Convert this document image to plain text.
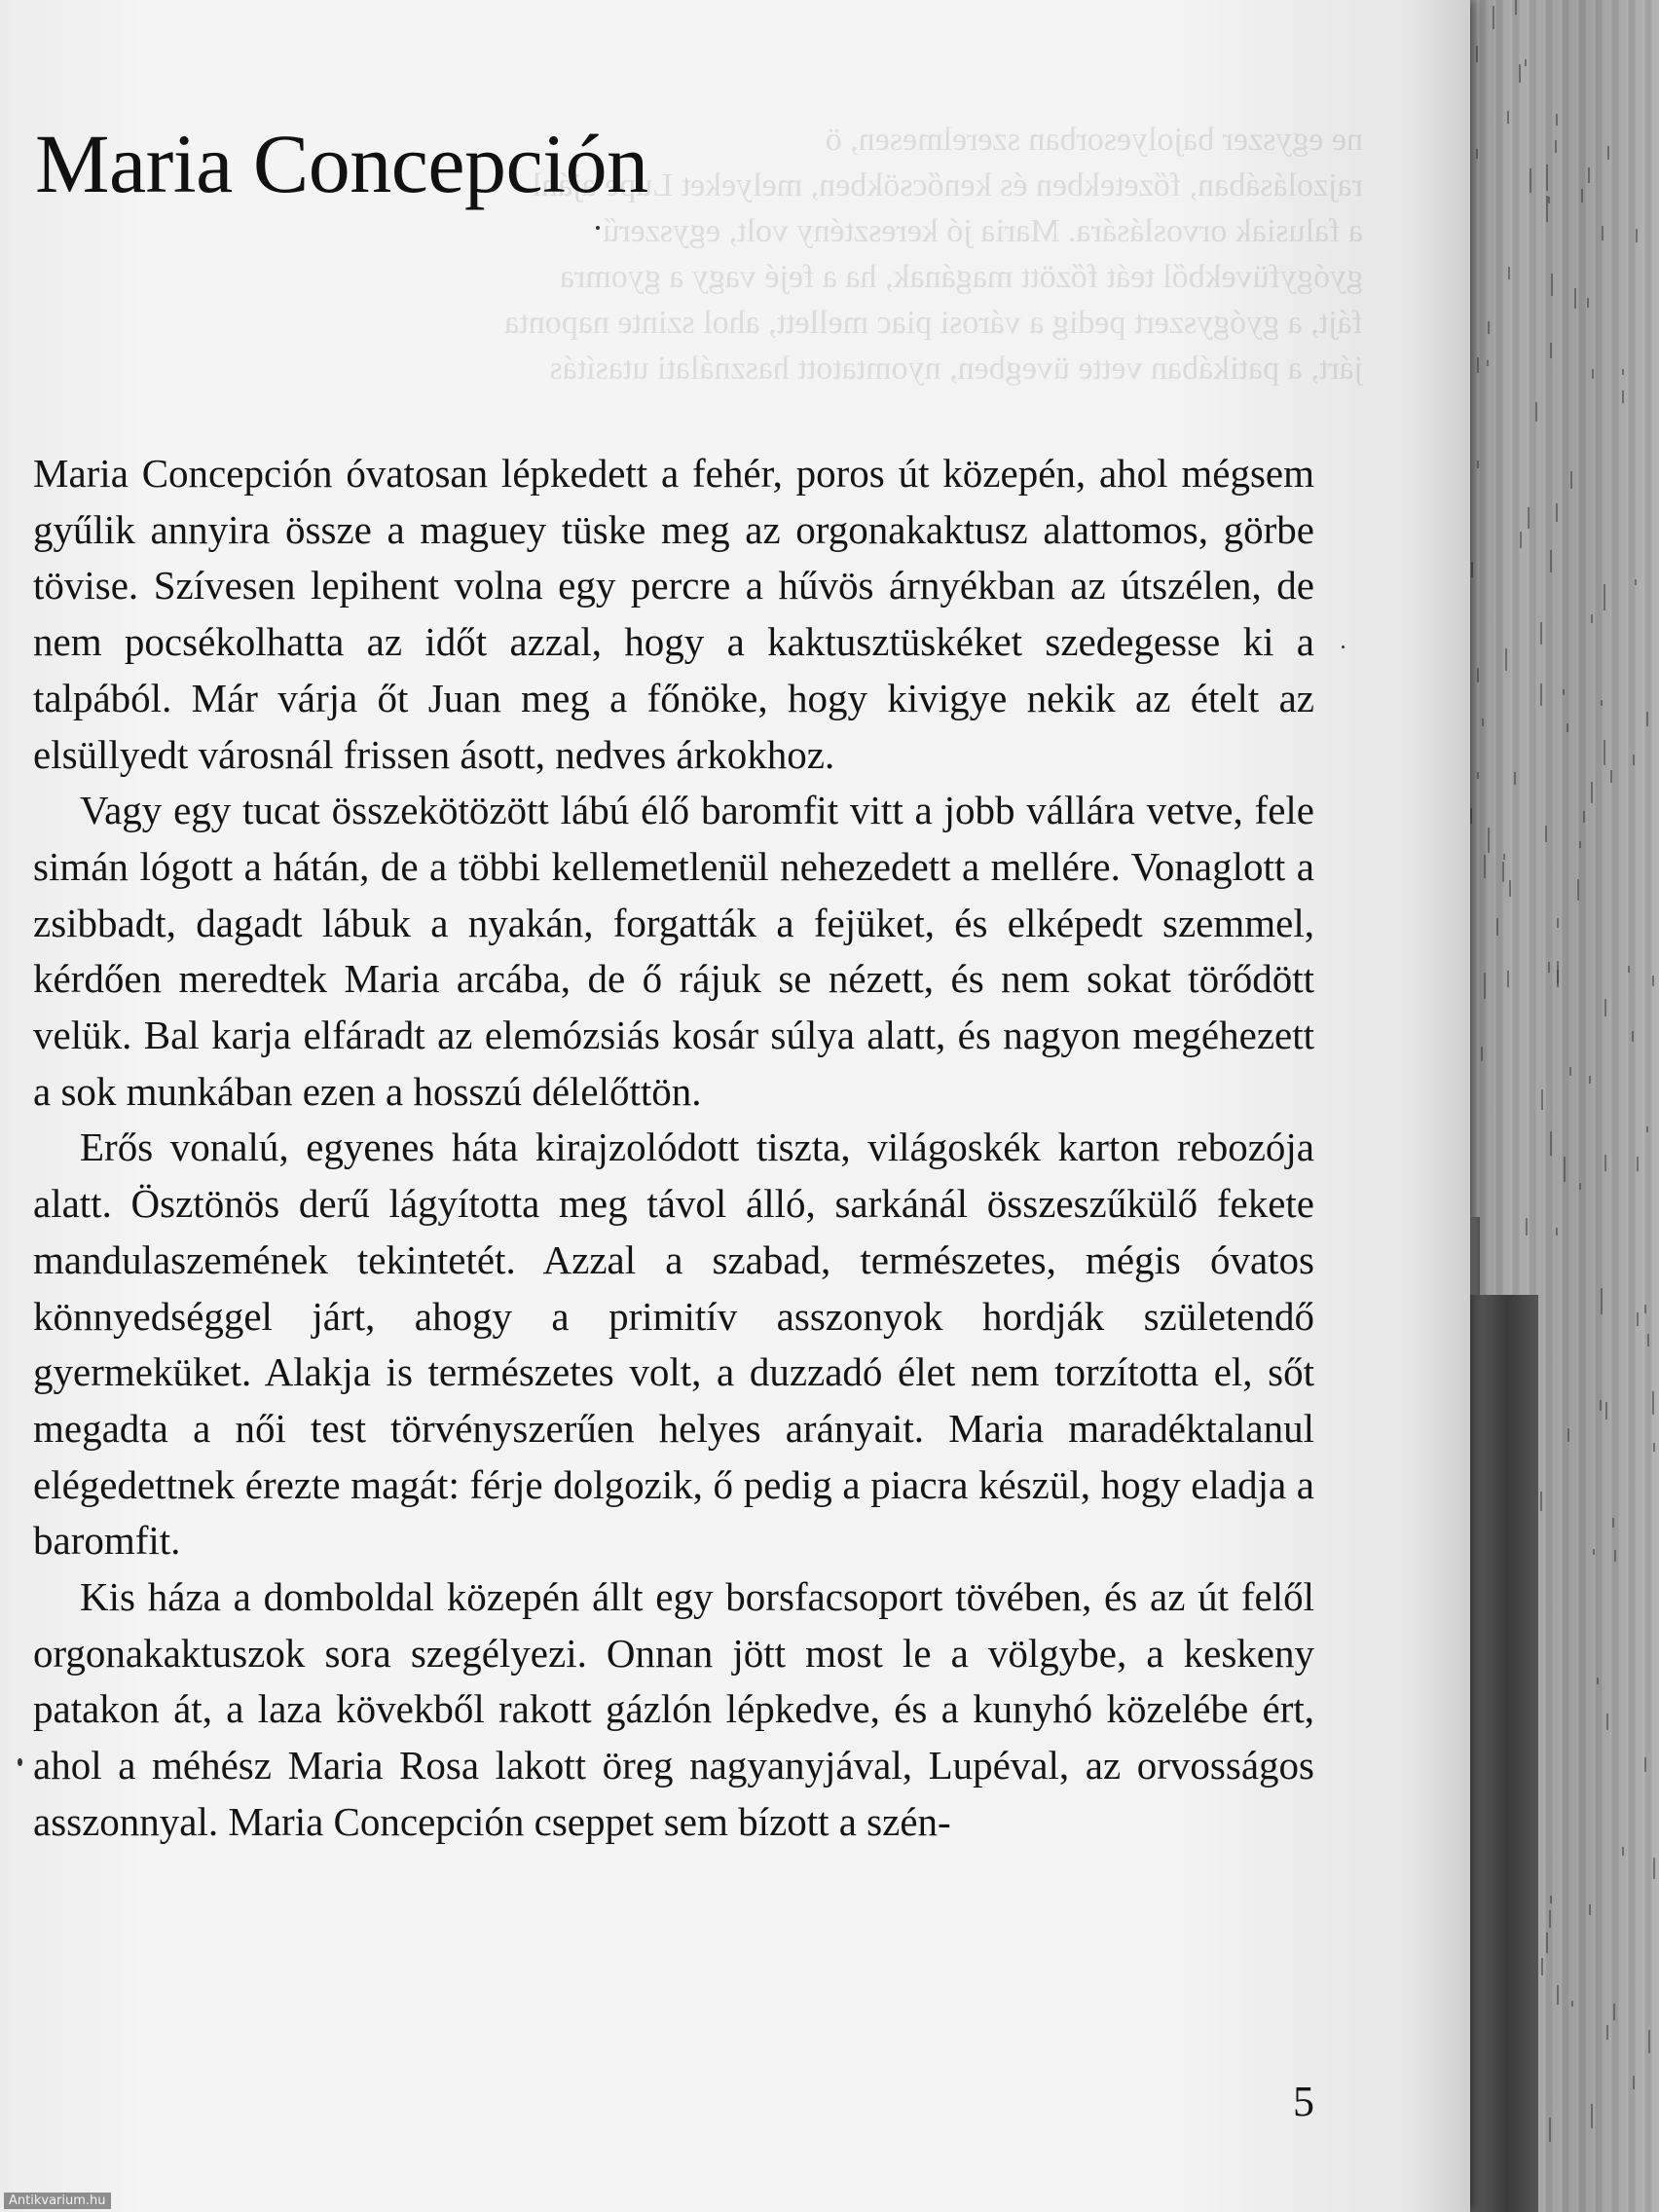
ne egyszer bajolyesorban szerelmesen, ö

rajzolásában, főzetekben és kenőcsökben, melyeket Lupe ajánl

a falusiak orvoslására. Maria jó keresztény volt, egyszerű

gyógyfüvekből teát főzött magának, ha a fejé vagy a gyomra

fájt, a gyógyszert pedig a városi piac mellett, ahol szinte naponta

járt, a patikában vette üvegben, nyomtatott használati utasítás

Maria Concepción

Maria Concepción óvatosan lépkedett a fehér, poros út közepén, ahol mégsem gyűlik annyira össze a maguey tüske meg az orgonakaktusz alattomos, görbe tövise. Szívesen lepihent volna egy percre a hűvös árnyékban az útszélen, de nem pocsékolhatta az időt azzal, hogy a kaktusztüskéket szedegesse ki a talpából. Már várja őt Juan meg a főnöke, hogy kivigye nekik az ételt az elsüllyedt városnál frissen ásott, nedves árkokhoz.

Vagy egy tucat összekötözött lábú élő baromfit vitt a jobb vállára vetve, fele simán lógott a hátán, de a többi kellemetlenül nehezedett a mellére. Vonaglott a zsibbadt, dagadt lábuk a nyakán, forgatták a fejüket, és elképedt szemmel, kérdően meredtek Maria arcába, de ő rájuk se nézett, és nem sokat törődött velük. Bal karja elfáradt az elemózsiás kosár súlya alatt, és nagyon megéhezett a sok munkában ezen a hosszú délelőttön.

Erős vonalú, egyenes háta kirajzolódott tiszta, világoskék karton rebozója alatt. Ösztönös derű lágyította meg távol álló, sarkánál összeszűkülő fekete mandulaszemének tekintetét. Azzal a szabad, természetes, mégis óvatos könnyedséggel járt, ahogy a primitív asszonyok hordják születendő gyermeküket. Alakja is természetes volt, a duzzadó élet nem torzította el, sőt megadta a női test törvényszerűen helyes arányait. Maria maradéktalanul elégedettnek érezte magát: férje dolgozik, ő pedig a piacra készül, hogy eladja a baromfit.

Kis háza a domboldal közepén állt egy borsfacsoport tövében, és az út felől orgonakaktuszok sora szegélyezi. Onnan jött most le a völgybe, a keskeny patakon át, a laza kövekből rakott gázlón lépkedve, és a kunyhó közelébe ért, ahol a méhész Maria Rosa lakott öreg nagyanyjával, Lupéval, az orvosságos asszonnyal. Maria Concepción cseppet sem bízott a szén-

5
Antikvarium.hu
